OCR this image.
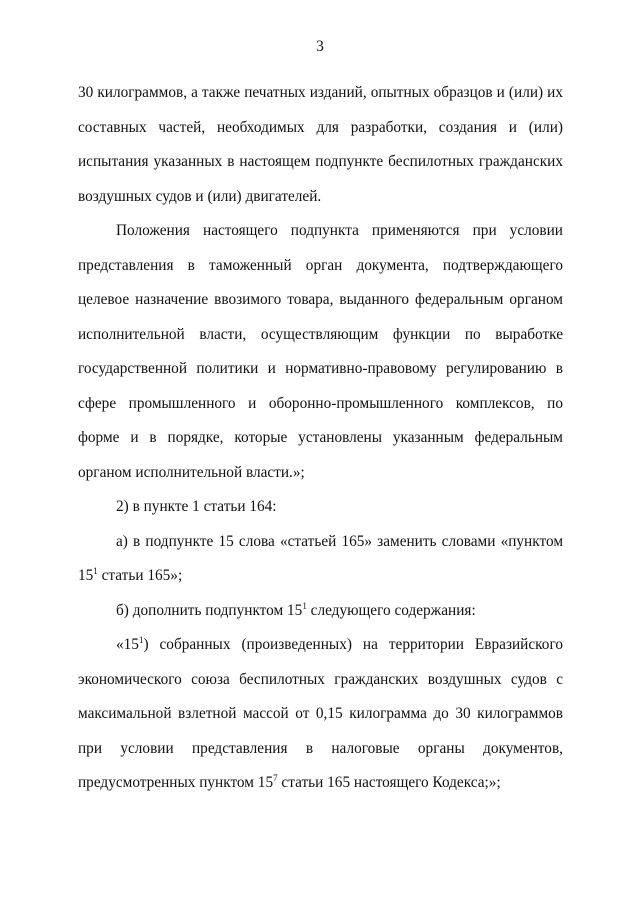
3

30 килограммов, а также печатных изданий, опытных образцов и (или) их составных частей, необходимых для разработки, создания и (или) испытания указанных в настоящем подпункте беспилотных гражданских воздушных судов и (или) двигателей.

Положения настоящего подпункта применяются при условии представления в таможенный орган документа, подтверждающего целевое назначение ввозимого товара, выданного федеральным органом исполнительной власти, осуществляющим функции по выработке государственной политики и нормативно-правовому регулированию в сфере промышленного и оборонно-промышленного комплексов, по форме и в порядке, которые установлены указанным федеральным органом исполнительной власти.»;

2) в пункте 1 статьи 164:

а) в подпункте 15 слова «статьей 165» заменить словами «пунктом $15^1$ статьи 165»;

б) дополнить подпунктом $15^1$ следующего содержания:

«$15^1$) собранных (произведенных) на территории Евразийского экономического союза беспилотных гражданских воздушных судов с максимальной взлетной массой от 0,15 килограмма до 30 килограммов при условии представления в налоговые органы документов, предусмотренных пунктом $15^7$ статьи 165 настоящего Кодекса;»;
